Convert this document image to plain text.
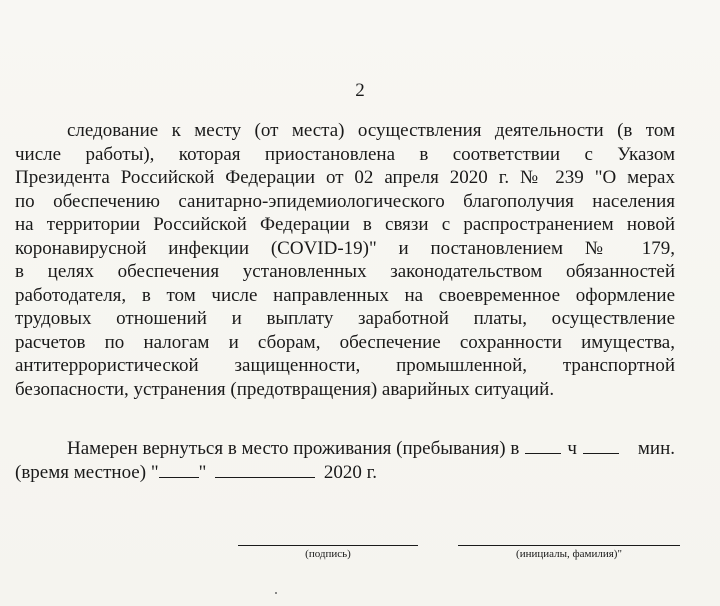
2
следование к месту (от места) осуществления деятельности (в том
числе работы), которая приостановлена в соответствии с Указом
Президента Российской Федерации от 02 апреля 2020 г. № 239 "О мерах
по обеспечению санитарно-эпидемиологического благополучия населения
на территории Российской Федерации в связи с распространением новой
коронавирусной инфекции (COVID-19)" и постановлением № 179,
в целях обеспечения установленных законодательством обязанностей
работодателя, в том числе направленных на своевременное оформление
трудовых отношений и выплату заработной платы, осуществление
расчетов по налогам и сборам, обеспечение сохранности имущества,
антитеррористической защищенности, промышленной, транспортной
безопасности, устранения (предотвращения) аварийных ситуаций.
Намерен вернуться в место проживания (пребывания) в	ч	мин.
(время местное) " "	2020 г.
(подпись)	(инициалы, фамилия)"
